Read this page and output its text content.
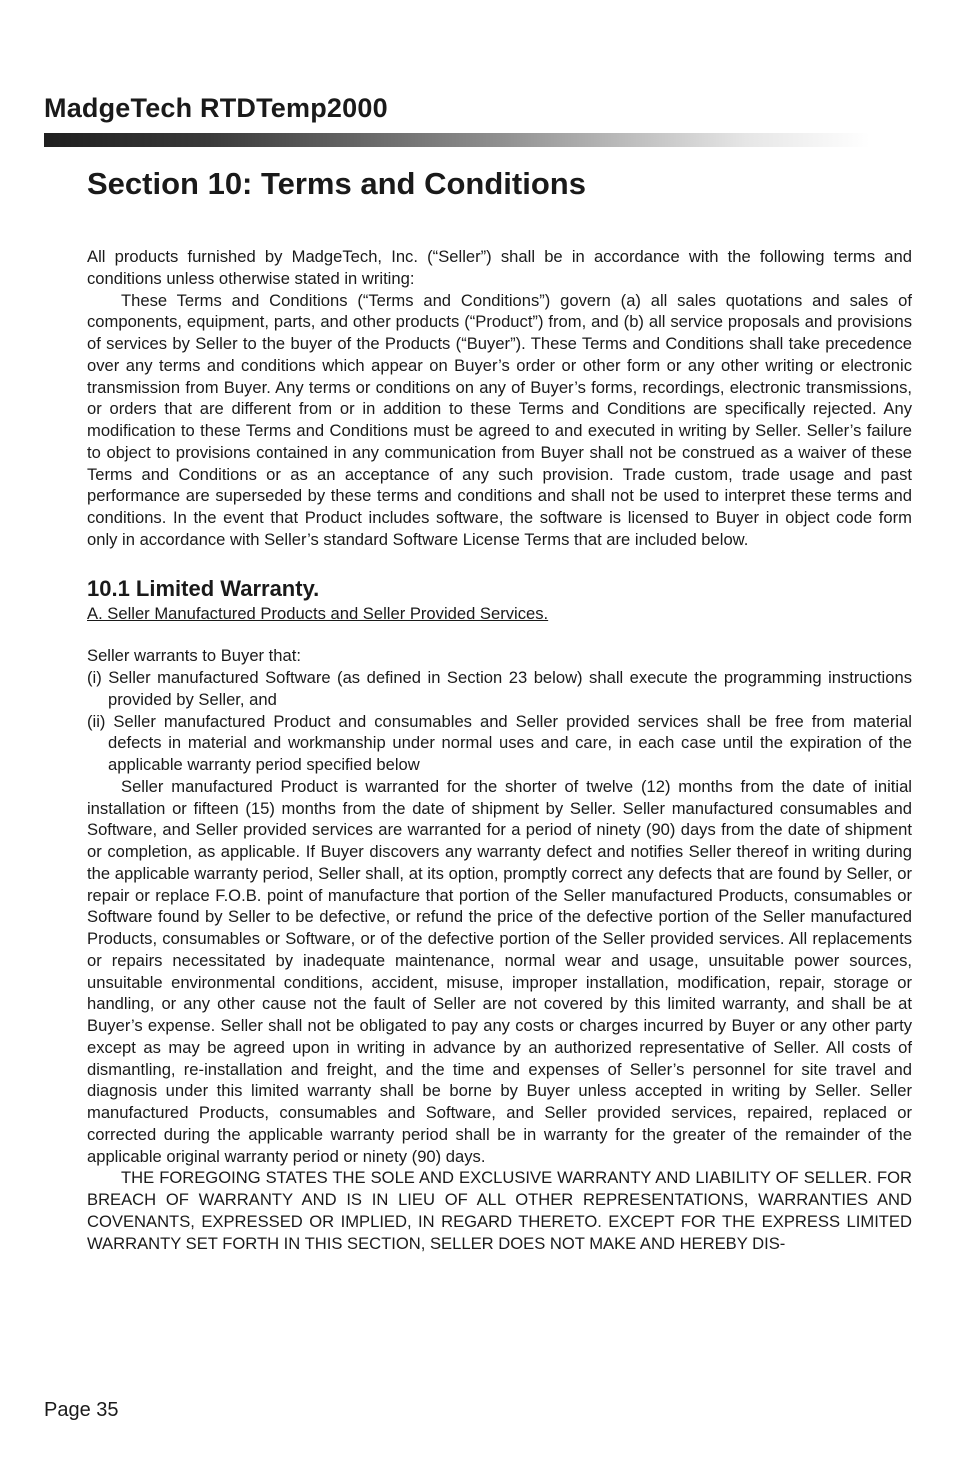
MadgeTech RTDTemp2000
Section 10: Terms and Conditions

All products furnished by MadgeTech, Inc. (“Seller”) shall be in accordance with the following terms and conditions unless otherwise stated in writing:

These Terms and Conditions (“Terms and Conditions”) govern (a) all sales quotations and sales of components, equipment, parts, and other products (“Product”) from, and (b) all service proposals and provisions of services by Seller to the buyer of the Products (“Buyer”). These Terms and Conditions shall take precedence over any terms and conditions which appear on Buyer’s order or other form or any other writing or electronic transmission from Buyer. Any terms or conditions on any of Buyer’s forms, recordings, electronic transmissions, or orders that are different from or in addition to these Terms and Conditions are specifically rejected. Any modification to these Terms and Conditions must be agreed to and executed in writing by Seller. Seller’s failure to object to provisions contained in any communication from Buyer shall not be construed as a waiver of these Terms and Conditions or as an acceptance of any such provision. Trade custom, trade usage and past performance are superseded by these terms and conditions and shall not be used to interpret these terms and conditions. In the event that Product includes software, the software is licensed to Buyer in object code form only in accordance with Seller’s standard Software License Terms that are included below.

10.1 Limited Warranty.

A. Seller Manufactured Products and Seller Provided Services.

Seller warrants to Buyer that:

(i) Seller manufactured Software (as defined in Section 23 below) shall execute the programming instructions provided by Seller, and

(ii) Seller manufactured Product and consumables and Seller provided services shall be free from material defects in material and workmanship under normal uses and care, in each case until the expiration of the applicable warranty period specified below

Seller manufactured Product is warranted for the shorter of twelve (12) months from the date of initial installation or fifteen (15) months from the date of shipment by Seller. Seller manufactured consumables and Software, and Seller provided services are warranted for a period of ninety (90) days from the date of shipment or completion, as applicable. If Buyer discovers any warranty defect and notifies Seller thereof in writing during the applicable warranty period, Seller shall, at its option, promptly correct any defects that are found by Seller, or repair or replace F.O.B. point of manufacture that portion of the Seller manufactured Products, consumables or Software found by Seller to be defective, or refund the price of the defective portion of the Seller manufactured Products, consumables or Software, or of the defective portion of the Seller provided services. All replacements or repairs necessitated by inadequate maintenance, normal wear and usage, unsuitable power sources, unsuitable environmental conditions, accident, misuse, improper installation, modification, repair, storage or handling, or any other cause not the fault of Seller are not covered by this limited warranty, and shall be at Buyer’s expense. Seller shall not be obligated to pay any costs or charges incurred by Buyer or any other party except as may be agreed upon in writing in advance by an authorized representative of Seller. All costs of dismantling, re-installation and freight, and the time and expenses of Seller’s personnel for site travel and diagnosis under this limited warranty shall be borne by Buyer unless accepted in writing by Seller. Seller manufactured Products, consumables and Software, and Seller provided services, repaired, replaced or corrected during the applicable warranty period shall be in warranty for the greater of the remainder of the applicable original warranty period or ninety (90) days.

THE FOREGOING STATES THE SOLE AND EXCLUSIVE WARRANTY AND LIABILITY OF SELLER. FOR BREACH OF WARRANTY AND IS IN LIEU OF ALL OTHER REPRESENTATIONS, WARRANTIES AND COVENANTS, EXPRESSED OR IMPLIED, IN REGARD THERETO. EXCEPT FOR THE EXPRESS LIMITED WARRANTY SET FORTH IN THIS SECTION, SELLER DOES NOT MAKE AND HEREBY DIS-

Page 35
